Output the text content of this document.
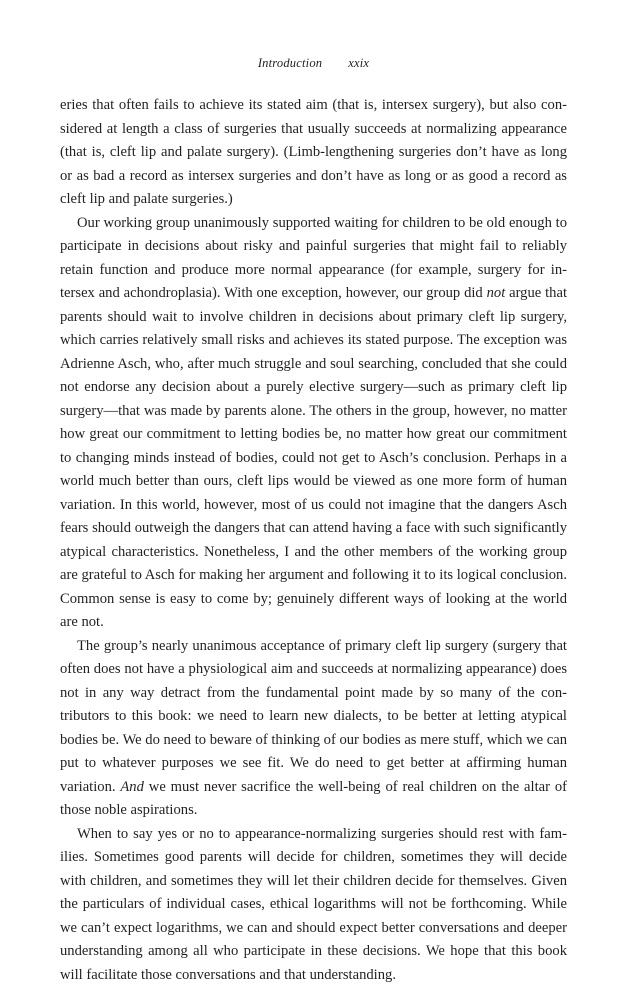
Introduction xxix

eries that often fails to achieve its stated aim (that is, intersex surgery), but also considered at length a class of surgeries that usually succeeds at normalizing appearance (that is, cleft lip and palate surgery). (Limb-lengthening surgeries don’t have as long or as bad a record as intersex surgeries and don’t have as long or as good a record as cleft lip and palate surgeries.)

Our working group unanimously supported waiting for children to be old enough to participate in decisions about risky and painful surgeries that might fail to reliably retain function and produce more normal appearance (for example, surgery for intersex and achondroplasia). With one exception, however, our group did not argue that parents should wait to involve children in decisions about primary cleft lip surgery, which carries relatively small risks and achieves its stated purpose. The exception was Adrienne Asch, who, after much struggle and soul searching, concluded that she could not endorse any decision about a purely elective surgery—such as primary cleft lip surgery—that was made by parents alone. The others in the group, however, no matter how great our commitment to letting bodies be, no matter how great our commitment to changing minds instead of bodies, could not get to Asch’s conclusion. Perhaps in a world much better than ours, cleft lips would be viewed as one more form of human variation. In this world, however, most of us could not imagine that the dangers Asch fears should outweigh the dangers that can attend having a face with such significantly atypical characteristics. Nonetheless, I and the other members of the working group are grateful to Asch for making her argument and following it to its logical conclusion. Common sense is easy to come by; genuinely different ways of looking at the world are not.

The group’s nearly unanimous acceptance of primary cleft lip surgery (surgery that often does not have a physiological aim and succeeds at normalizing appearance) does not in any way detract from the fundamental point made by so many of the contributors to this book: we need to learn new dialects, to be better at letting atypical bodies be. We do need to beware of thinking of our bodies as mere stuff, which we can put to whatever purposes we see fit. We do need to get better at affirming human variation. And we must never sacrifice the well-being of real children on the altar of those noble aspirations.

When to say yes or no to appearance-normalizing surgeries should rest with families. Sometimes good parents will decide for children, sometimes they will decide with children, and sometimes they will let their children decide for themselves. Given the particulars of individual cases, ethical logarithms will not be forthcoming. While we can’t expect logarithms, we can and should expect better conversations and deeper understanding among all who participate in these decisions. We hope that this book will facilitate those conversations and that understanding.
